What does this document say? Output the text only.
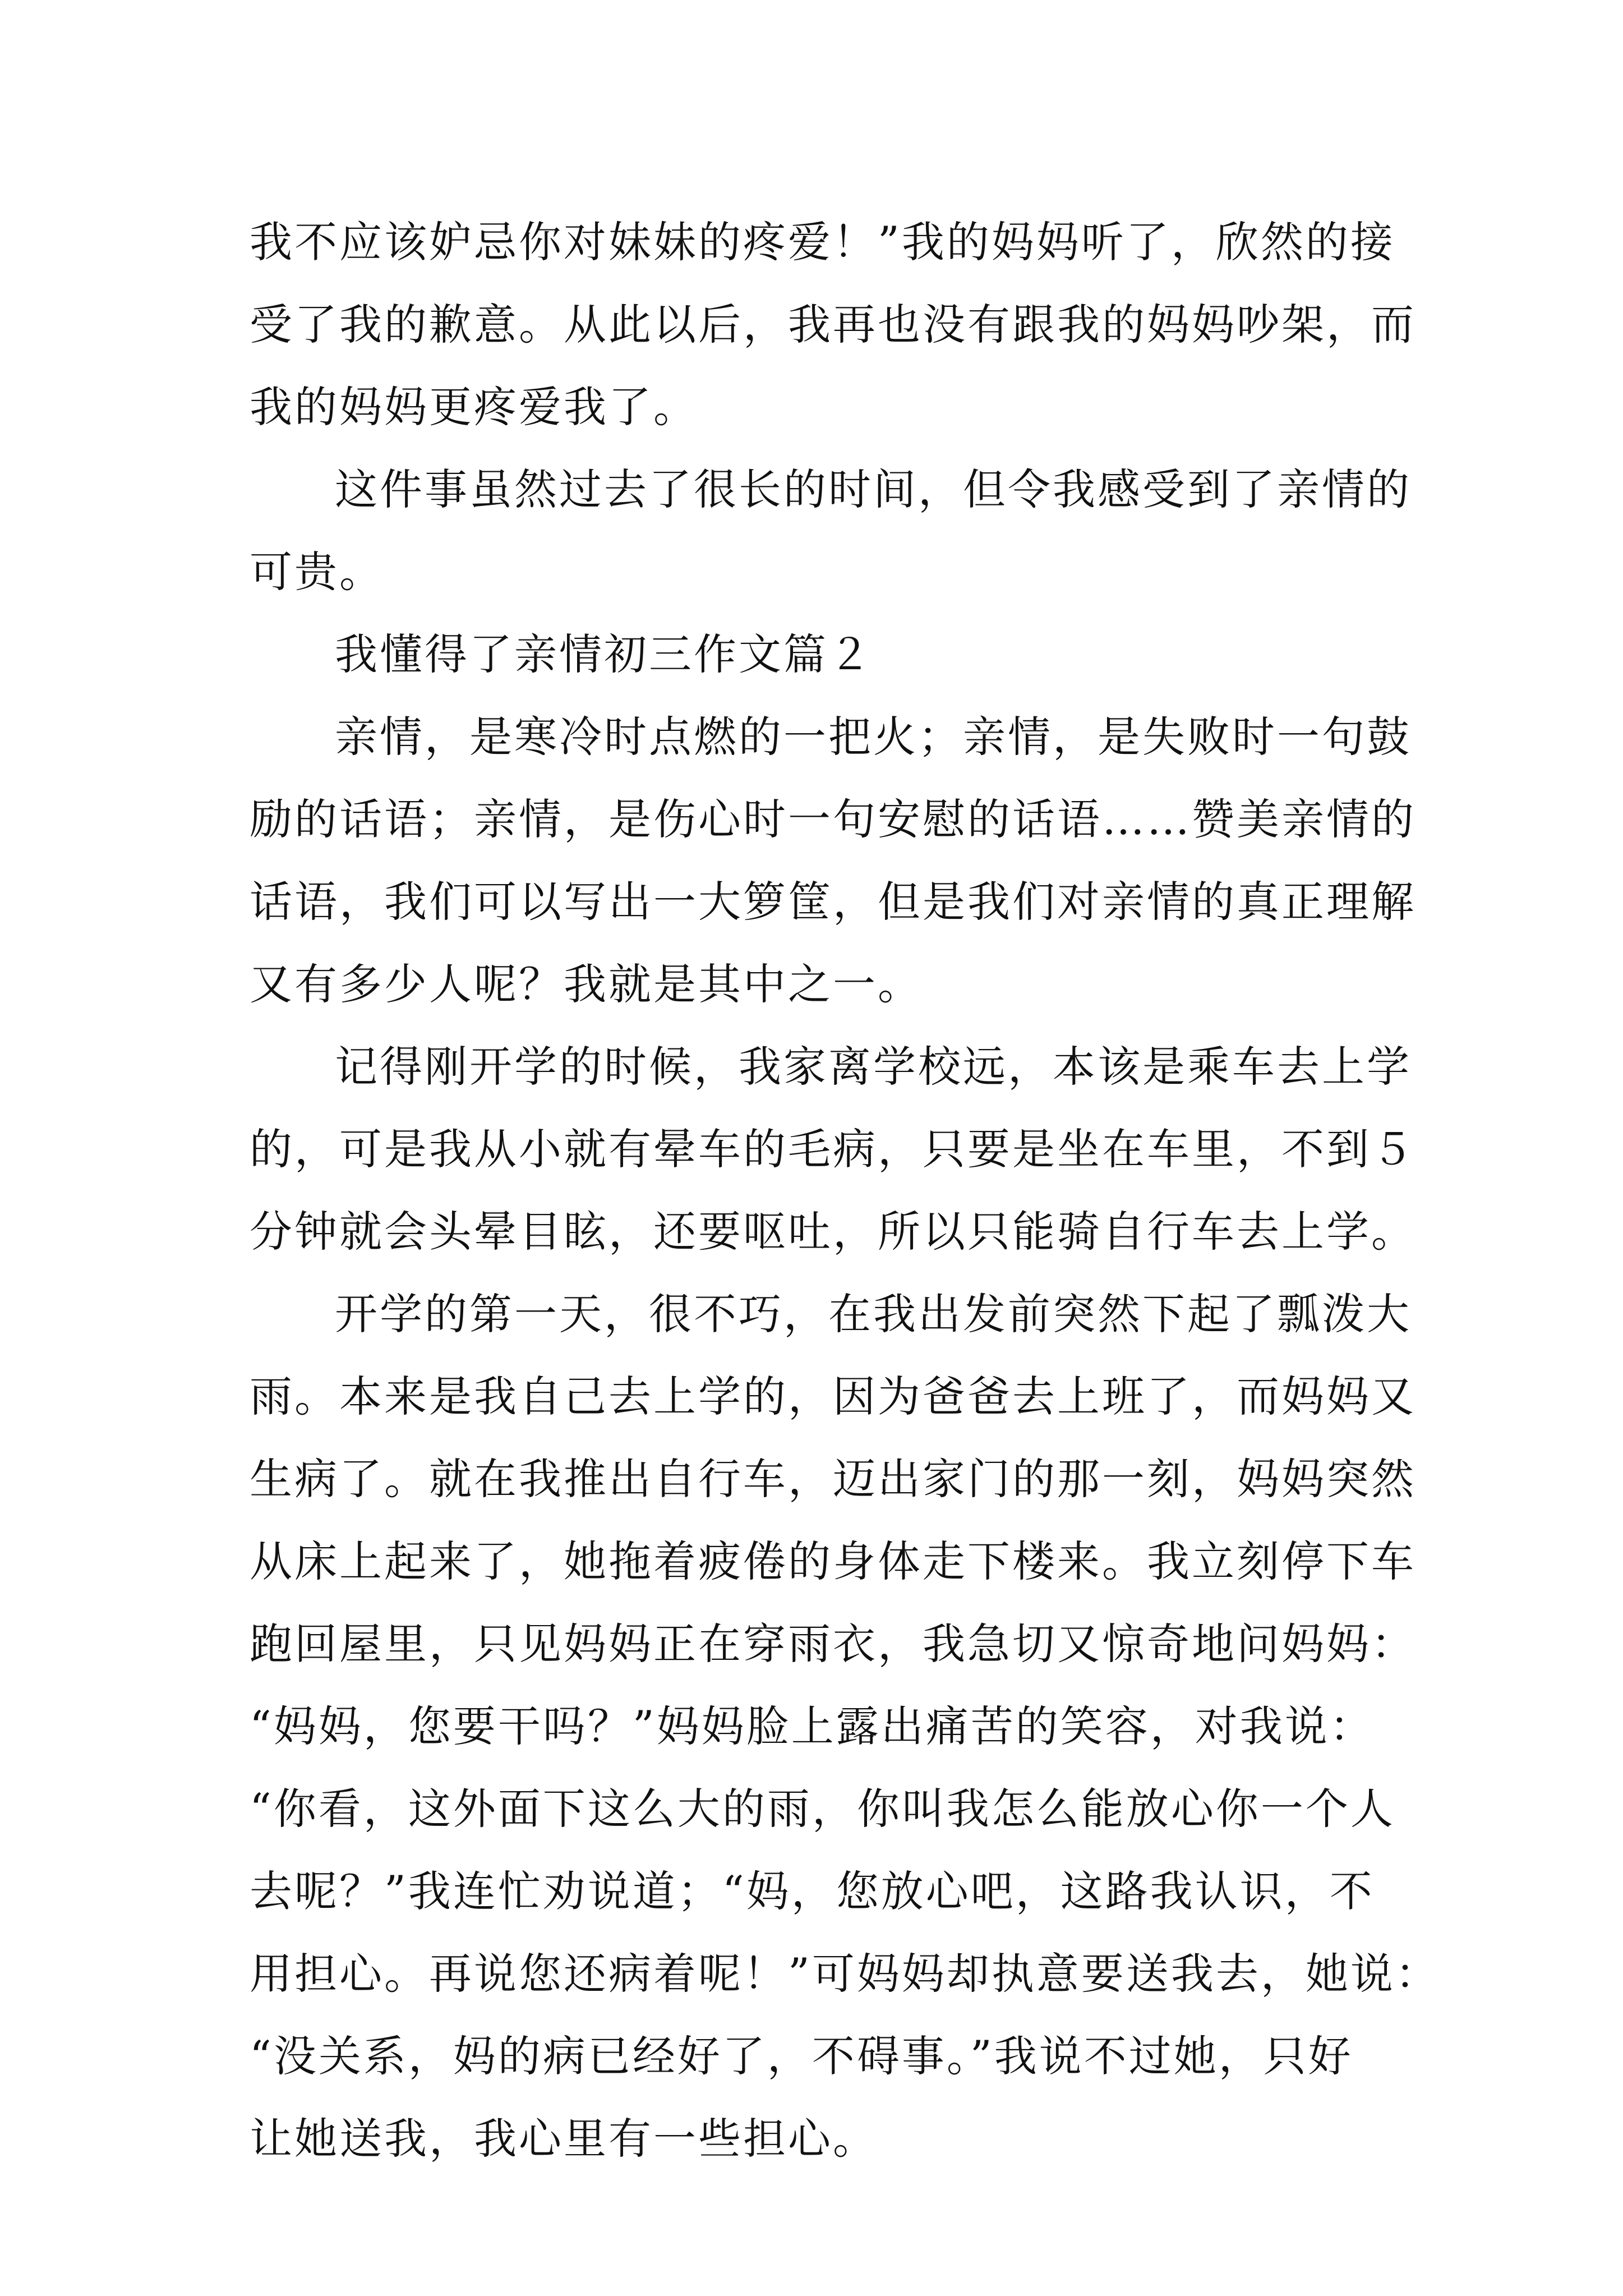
我不应该妒忌你对妹妹的疼爱！”我的妈妈听了，欣然的接
受了我的歉意。从此以后，我再也没有跟我的妈妈吵架，而
我的妈妈更疼爱我了。
这件事虽然过去了很长的时间，但令我感受到了亲情的
可贵。
我懂得了亲情初三作文篇２
亲情，是寒冷时点燃的一把火；亲情，是失败时一句鼓
励的话语；亲情，是伤心时一句安慰的话语……赞美亲情的
话语，我们可以写出一大箩筐，但是我们对亲情的真正理解
又有多少人呢？我就是其中之一。
记得刚开学的时候，我家离学校远，本该是乘车去上学
的，可是我从小就有晕车的毛病，只要是坐在车里，不到５
分钟就会头晕目眩，还要呕吐，所以只能骑自行车去上学。
开学的第一天，很不巧，在我出发前突然下起了瓢泼大
雨。本来是我自己去上学的，因为爸爸去上班了，而妈妈又
生病了。就在我推出自行车，迈出家门的那一刻，妈妈突然
从床上起来了，她拖着疲倦的身体走下楼来。我立刻停下车
跑回屋里，只见妈妈正在穿雨衣，我急切又惊奇地问妈妈：
“妈妈，您要干吗？”妈妈脸上露出痛苦的笑容，对我说：
“你看，这外面下这么大的雨，你叫我怎么能放心你一个人
去呢？”我连忙劝说道；“妈，您放心吧，这路我认识，不
用担心。再说您还病着呢！”可妈妈却执意要送我去，她说：
“没关系，妈的病已经好了，不碍事。”我说不过她，只好
让她送我，我心里有一些担心。
